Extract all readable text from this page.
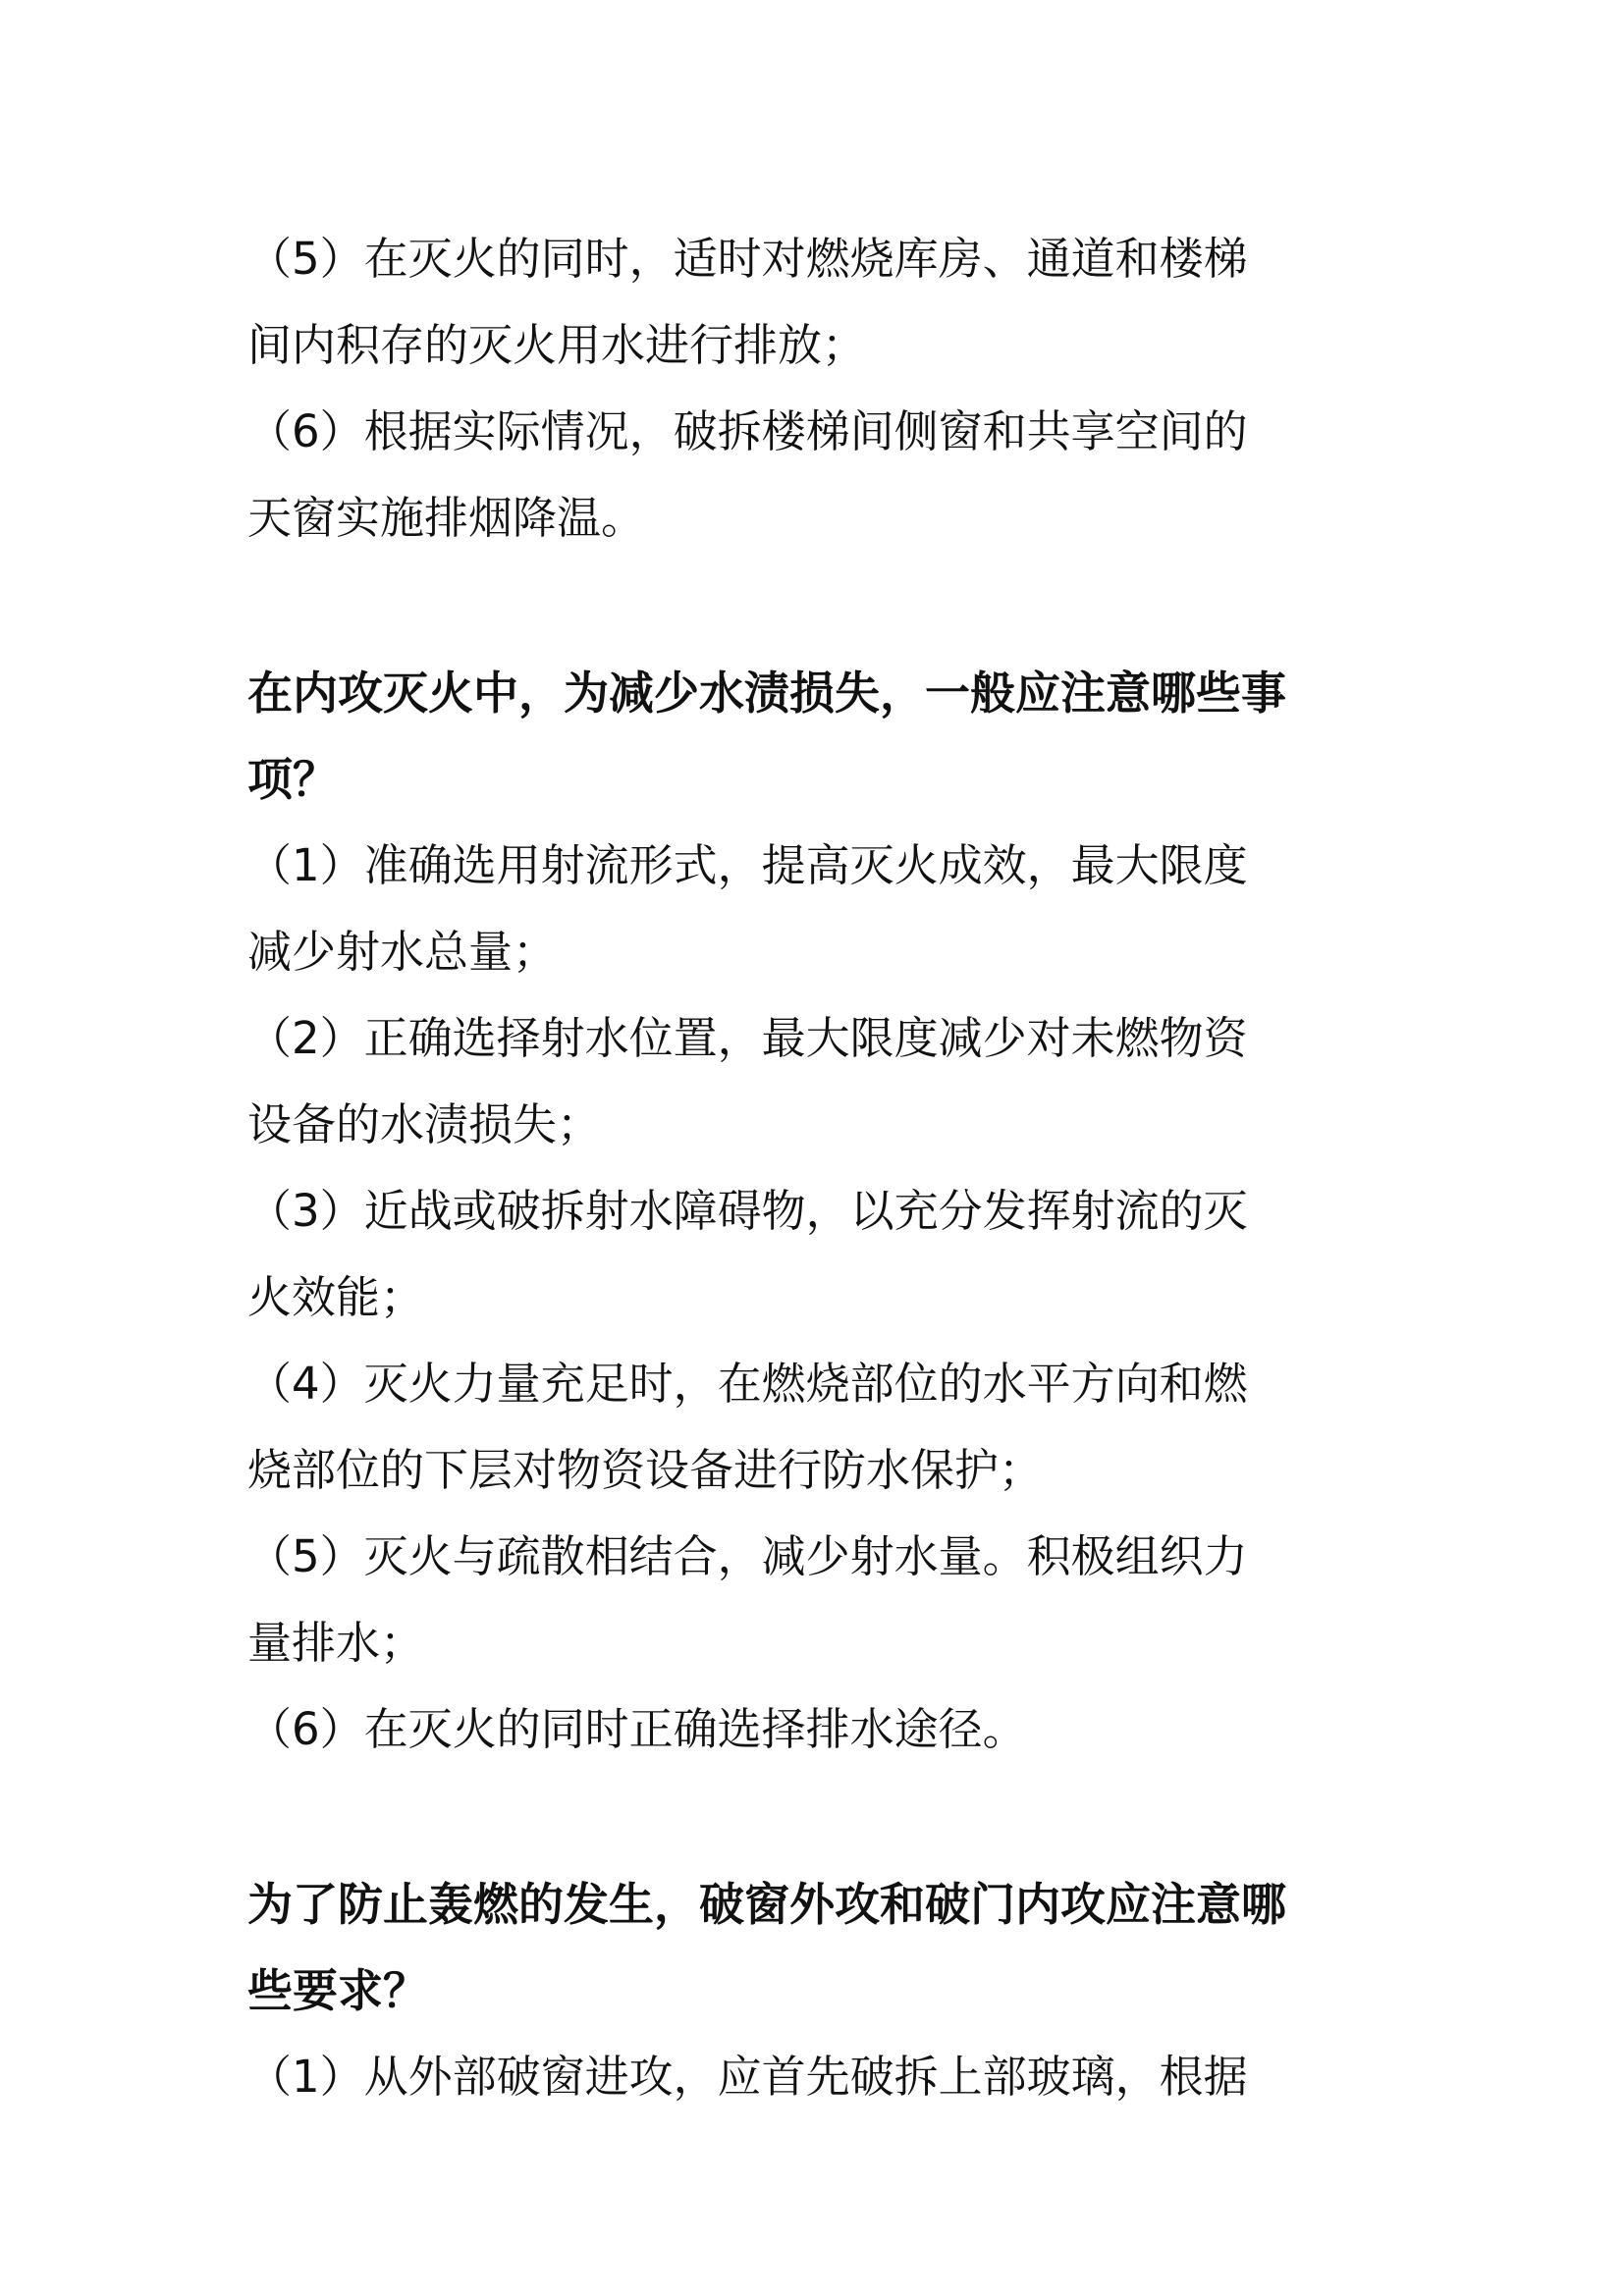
（5）在灭火的同时，适时对燃烧库房、通道和楼梯
间内积存的灭火用水进行排放；
（6）根据实际情况，破拆楼梯间侧窗和共享空间的
天窗实施排烟降温。
在内攻灭火中，为减少水渍损失，一般应注意哪些事
项？
（1）准确选用射流形式，提高灭火成效，最大限度
减少射水总量；
（2）正确选择射水位置，最大限度减少对未燃物资
设备的水渍损失；
（3）近战或破拆射水障碍物，以充分发挥射流的灭
火效能；
（4）灭火力量充足时，在燃烧部位的水平方向和燃
烧部位的下层对物资设备进行防水保护；
（5）灭火与疏散相结合，减少射水量。积极组织力
量排水；
（6）在灭火的同时正确选择排水途径。
为了防止轰燃的发生，破窗外攻和破门内攻应注意哪
些要求？
（1）从外部破窗进攻，应首先破拆上部玻璃，根据
